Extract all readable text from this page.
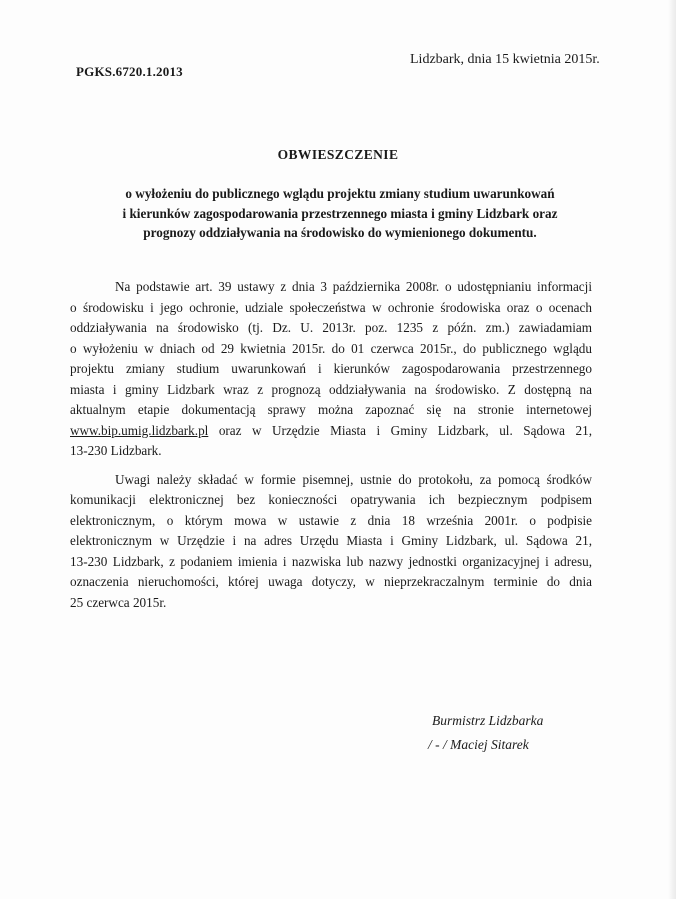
PGKS.6720.1.2013
Lidzbark, dnia 15 kwietnia 2015r.
OBWIESZCZENIE
o wyłożeniu do publicznego wglądu projektu zmiany studium uwarunkowań
i kierunków zagospodarowania przestrzennego miasta i gminy Lidzbark oraz
prognozy oddziaływania na środowisko do wymienionego dokumentu.
Na podstawie art. 39 ustawy z dnia 3 października 2008r. o udostępnianiu informacji
o środowisku i jego ochronie, udziale społeczeństwa w ochronie środowiska oraz o ocenach
oddziaływania na środowisko (tj. Dz. U. 2013r. poz. 1235 z późn. zm.) zawiadamiam
o wyłożeniu w dniach od 29 kwietnia 2015r. do 01 czerwca 2015r., do publicznego wglądu
projektu zmiany studium uwarunkowań i kierunków zagospodarowania przestrzennego
miasta i gminy Lidzbark wraz z prognozą oddziaływania na środowisko. Z dostępną na
aktualnym etapie dokumentacją sprawy można zapoznać się na stronie internetowej
www.bip.umig.lidzbark.pl oraz w Urzędzie Miasta i Gminy Lidzbark, ul. Sądowa 21,
13-230 Lidzbark.
Uwagi należy składać w formie pisemnej, ustnie do protokołu, za pomocą środków
komunikacji elektronicznej bez konieczności opatrywania ich bezpiecznym podpisem
elektronicznym, o którym mowa w ustawie z dnia 18 września 2001r. o podpisie
elektronicznym w Urzędzie i na adres Urzędu Miasta i Gminy Lidzbark, ul. Sądowa 21,
13-230 Lidzbark, z podaniem imienia i nazwiska lub nazwy jednostki organizacyjnej i adresu,
oznaczenia nieruchomości, której uwaga dotyczy, w nieprzekraczalnym terminie do dnia
25 czerwca 2015r.
Burmistrz Lidzbarka
/ - / Maciej Sitarek
